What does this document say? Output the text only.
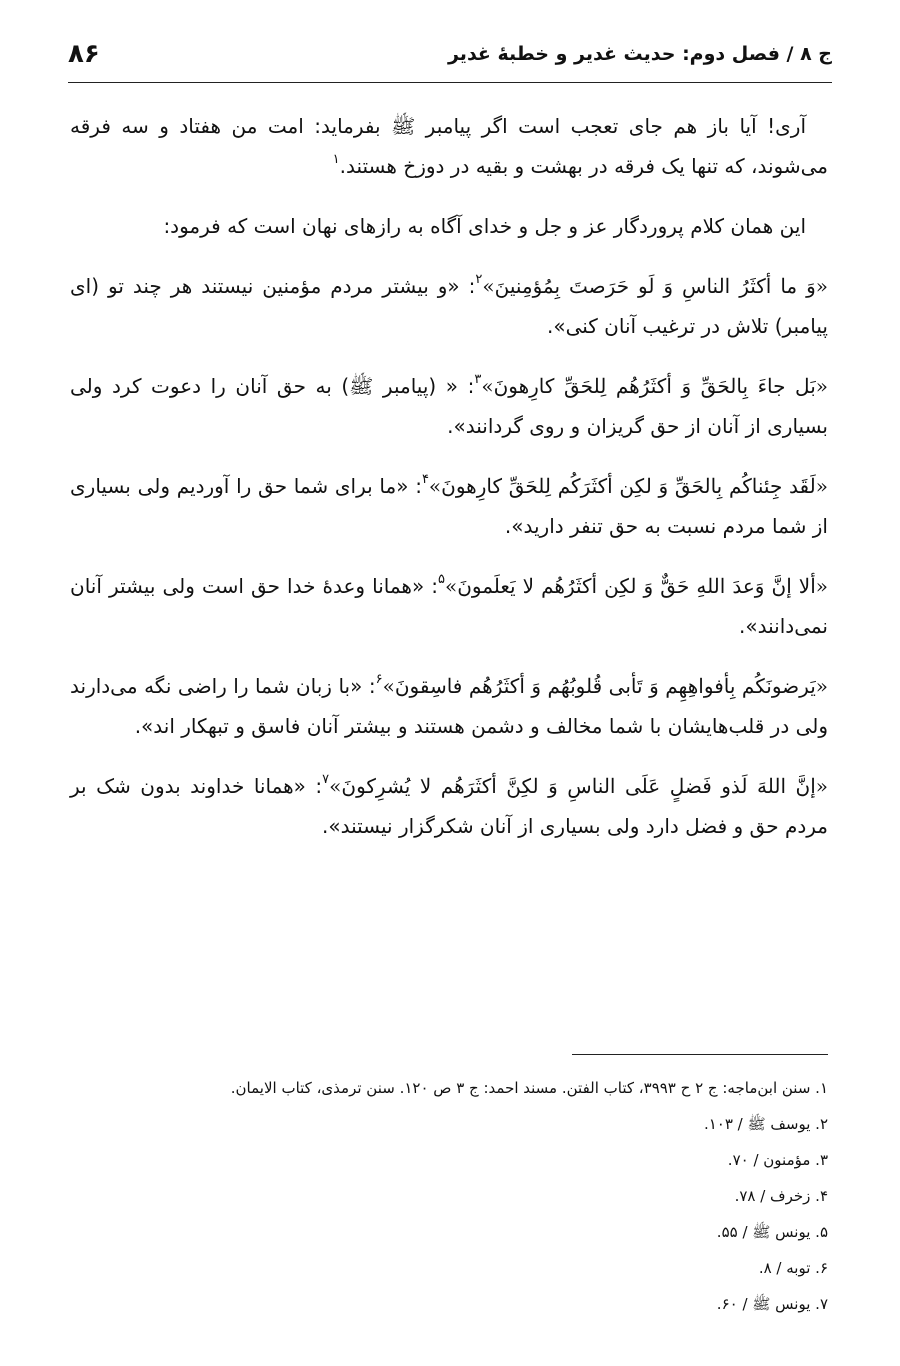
ج ۸ / فصل دوم: حدیث غدیر و خطبهٔ غدیر
۸۶

آری! آیا باز هم جای تعجب است اگر پیامبر ﷺ بفرماید: امت من هفتاد و سه فرقه می‌شوند، که تنها یک فرقه در بهشت و بقیه در دوزخ هستند.$^١$

این همان کلام پروردگار عز و جل و خدای آگاه به رازهای نهان است که فرمود:

«وَ ما أکثَرُ الناسِ وَ لَو حَرَصتَ بِمُؤمِنینَ»$^٢$: «و بیشتر مردم مؤمنین نیستند هر چند تو (ای پیامبر) تلاش در ترغیب آنان کنی».

«بَل جاءَ بِالحَقِّ وَ أکثَرُهُم لِلحَقِّ کارِهونَ»$^٣$: « (پیامبر ﷺ) به حق آنان را دعوت کرد ولی بسیاری از آنان از حق گریزان و روی گردانند».

«لَقَد جِئناکُم بِالحَقِّ وَ لکِن أکثَرَکُم لِلحَقِّ کارِهونَ»$^۴$: «ما برای شما حق را آوردیم ولی بسیاری از شما مردم نسبت به حق تنفر دارید».

«ألا إنَّ وَعدَ اللهِ حَقٌّ وَ لکِن أکثَرُهُم لا یَعلَمونَ»$^۵$: «همانا وعدهٔ خدا حق است ولی بیشتر آنان نمی‌دانند».

«یَرضونَکُم بِأفواهِهِم وَ تَأبی قُلوبُهُم وَ أکثَرُهُم فاسِقونَ»$^۶$: «با زبان شما را راضی نگه می‌دارند ولی در قلب‌هایشان با شما مخالف و دشمن هستند و بیشتر آنان فاسق و تبهکار اند».

«إنَّ اللهَ لَذو فَضلٍ عَلَی الناسِ وَ لکِنَّ أکثَرَهُم لا یُشرِکونَ»$^٧$: «همانا خداوند بدون شک بر مردم حق و فضل دارد ولی بسیاری از آنان شکرگزار نیستند».

١. سنن ابن‌ماجه: ج ٢ ح ٣٩٩٣، کتاب الفتن. مسند احمد: ج ٣ ص ١٢٠. سنن ترمذی، کتاب الایمان.
٢. یوسف ﷺ / ١٠٣.
٣. مؤمنون / ٧٠.
۴. زخرف / ٧٨.
۵. یونس ﷺ / ۵۵.
۶. توبه / ٨.
٧. یونس ﷺ / ۶٠.
